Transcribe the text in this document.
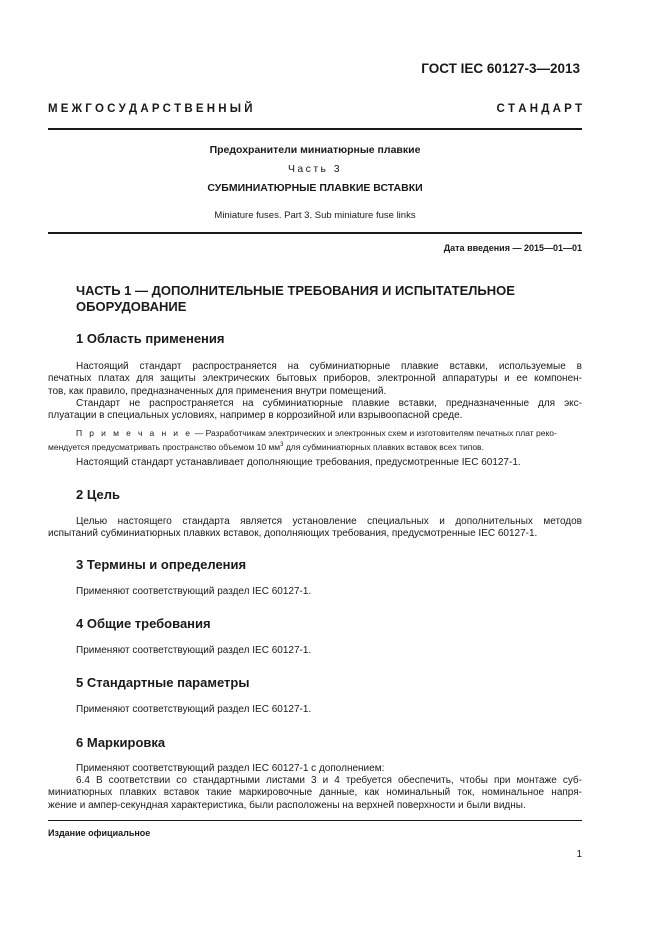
ГОСТ IEC 60127-3—2013
М Е Ж Г О С У Д А Р С Т В Е Н Н Ы Й	С Т А Н Д А Р Т
Предохранители миниатюрные плавкие
Часть 3
СУБМИНИАТЮРНЫЕ ПЛАВКИЕ ВСТАВКИ
Miniature fuses. Part 3. Sub miniature fuse links
Дата введения — 2015—01—01
ЧАСТЬ 1 — ДОПОЛНИТЕЛЬНЫЕ ТРЕБОВАНИЯ И ИСПЫТАТЕЛЬНОЕ
ОБОРУДОВАНИЕ
1 Область применения
Настоящий стандарт распространяется на субминиатюрные плавкие вставки, используемые в
печатных платах для защиты электрических бытовых приборов, электронной аппаратуры и ее компонен-
тов, как правило, предназначенных для применения внутри помещений.
Стандарт не распространяется на субминиатюрные плавкие вставки, предназначенные для экс-
плуатации в специальных условиях, например в коррозийной или взрывоопасной среде.
П р и м е ч а н и е — Разработчикам электрических и электронных схем и изготовителям печатных плат реко-
мендуется предусматривать пространство объемом 10 $мм^3$ для субминиатюрных плавких вставок всех типов.
Настоящий стандарт устанавливает дополняющие требования, предусмотренные IEC 60127-1.
2 Цель
Целью настоящего стандарта является установление специальных и дополнительных методов
испытаний субминиатюрных плавких вставок, дополняющих требования, предусмотренные IEC 60127-1.
3 Термины и определения
Применяют соответствующий раздел IEC 60127-1.
4 Общие требования
Применяют соответствующий раздел IEC 60127-1.
5 Стандартные параметры
Применяют соответствующий раздел IEC 60127-1.
6 Маркировка
Применяют соответствующий раздел IEC 60127-1 с дополнением:
6.4 В соответствии со стандартными листами 3 и 4 требуется обеспечить, чтобы при монтаже суб-
миниатюрных плавких вставок такие маркировочные данные, как номинальный ток, номинальное напря-
жение и ампер-секундная характеристика, были расположены на верхней поверхности и были видны.
Издание официальное
1
